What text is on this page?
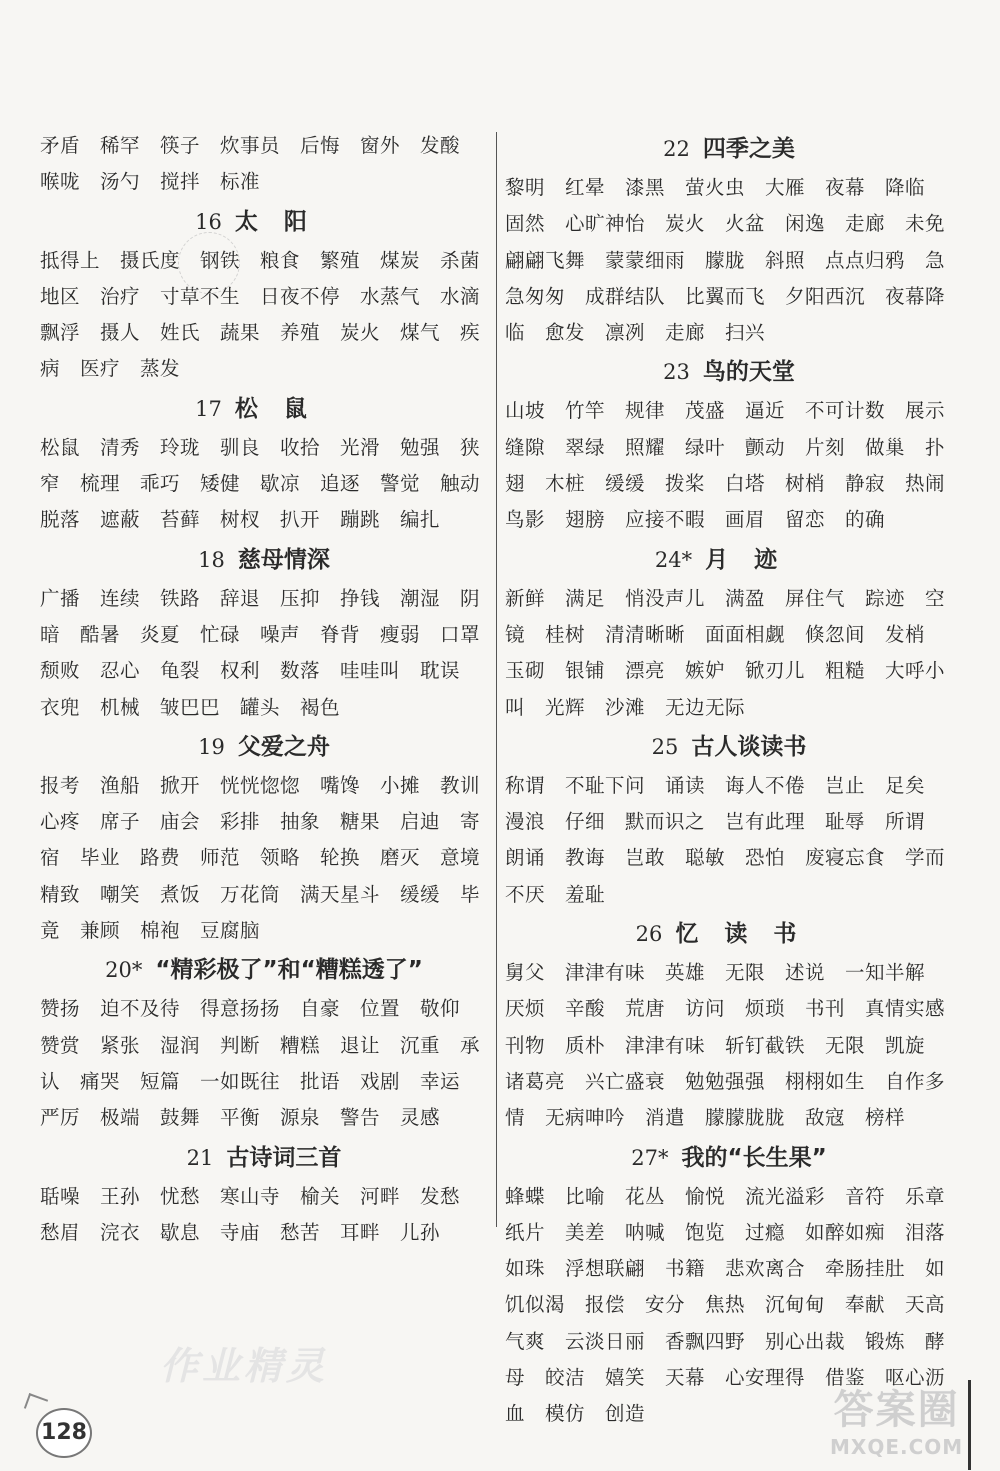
矛盾　稀罕　筷子　炊事员　后悔　窗外　发酸
喉咙　汤勺　搅拌　标准
16 太阳
抵得上　摄氏度　钢铁　粮食　繁殖　煤炭　杀菌
地区　治疗　寸草不生　日夜不停　水蒸气　水滴
飘浮　摄人　姓氏　蔬果　养殖　炭火　煤气　疾
病　医疗　蒸发
17 松鼠
松鼠　清秀　玲珑　驯良　收拾　光滑　勉强　狭
窄　梳理　乖巧　矮健　歇凉　追逐　警觉　触动
脱落　遮蔽　苔藓　树杈　扒开　蹦跳　编扎
18 慈母情深
广播　连续　铁路　辞退　压抑　挣钱　潮湿　阴
暗　酷暑　炎夏　忙碌　噪声　脊背　瘦弱　口罩
颓败　忍心　龟裂　权利　数落　哇哇叫　耽误
衣兜　机械　皱巴巴　罐头　褐色
19 父爱之舟
报考　渔船　掀开　恍恍惚惚　嘴馋　小摊　教训
心疼　席子　庙会　彩排　抽象　糖果　启迪　寄
宿　毕业　路费　师范　领略　轮换　磨灭　意境
精致　嘲笑　煮饭　万花筒　满天星斗　缓缓　毕
竟　兼顾　棉袍　豆腐脑
20* “精彩极了”和“糟糕透了”
赞扬　迫不及待　得意扬扬　自豪　位置　敬仰
赞赏　紧张　湿润　判断　糟糕　退让　沉重　承
认　痛哭　短篇　一如既往　批语　戏剧　幸运
严厉　极端　鼓舞　平衡　源泉　警告　灵感
21 古诗词三首
聒噪　王孙　忧愁　寒山寺　榆关　河畔　发愁
愁眉　浣衣　歇息　寺庙　愁苦　耳畔　儿孙
22 四季之美
黎明　红晕　漆黑　萤火虫　大雁　夜幕　降临
固然　心旷神怡　炭火　火盆　闲逸　走廊　未免
翩翩飞舞　蒙蒙细雨　朦胧　斜照　点点归鸦　急
急匆匆　成群结队　比翼而飞　夕阳西沉　夜幕降
临　愈发　凛冽　走廊　扫兴
23 鸟的天堂
山坡　竹竿　规律　茂盛　逼近　不可计数　展示
缝隙　翠绿　照耀　绿叶　颤动　片刻　做巢　扑
翅　木桩　缓缓　拨桨　白塔　树梢　静寂　热闹
鸟影　翅膀　应接不暇　画眉　留恋　的确
24* 月迹
新鲜　满足　悄没声儿　满盈　屏住气　踪迹　空
镜　桂树　清清晰晰　面面相觑　倏忽间　发梢
玉砌　银铺　漂亮　嫉妒　锨刃儿　粗糙　大呼小
叫　光辉　沙滩　无边无际
25 古人谈读书
称谓　不耻下问　诵读　诲人不倦　岂止　足矣
漫浪　仔细　默而识之　岂有此理　耻辱　所谓
朗诵　教诲　岂敢　聪敏　恐怕　废寝忘食　学而
不厌　羞耻
26 忆读书
舅父　津津有味　英雄　无限　述说　一知半解
厌烦　辛酸　荒唐　访问　烦琐　书刊　真情实感
刊物　质朴　津津有味　斩钉截铁　无限　凯旋
诸葛亮　兴亡盛衰　勉勉强强　栩栩如生　自作多
情　无病呻吟　消遣　朦朦胧胧　敌寇　榜样
27* 我的“长生果”
蜂蝶　比喻　花丛　愉悦　流光溢彩　音符　乐章
纸片　美差　呐喊　饱览　过瘾　如醉如痴　泪落
如珠　浮想联翩　书籍　悲欢离合　牵肠挂肚　如
饥似渴　报偿　安分　焦热　沉甸甸　奉献　天高
气爽　云淡日丽　香飘四野　别心出裁　锻炼　酵
母　皎洁　嬉笑　天幕　心安理得　借鉴　呕心沥
血　模仿　创造
作业精灵
128	答案圈
MXQE.COM
